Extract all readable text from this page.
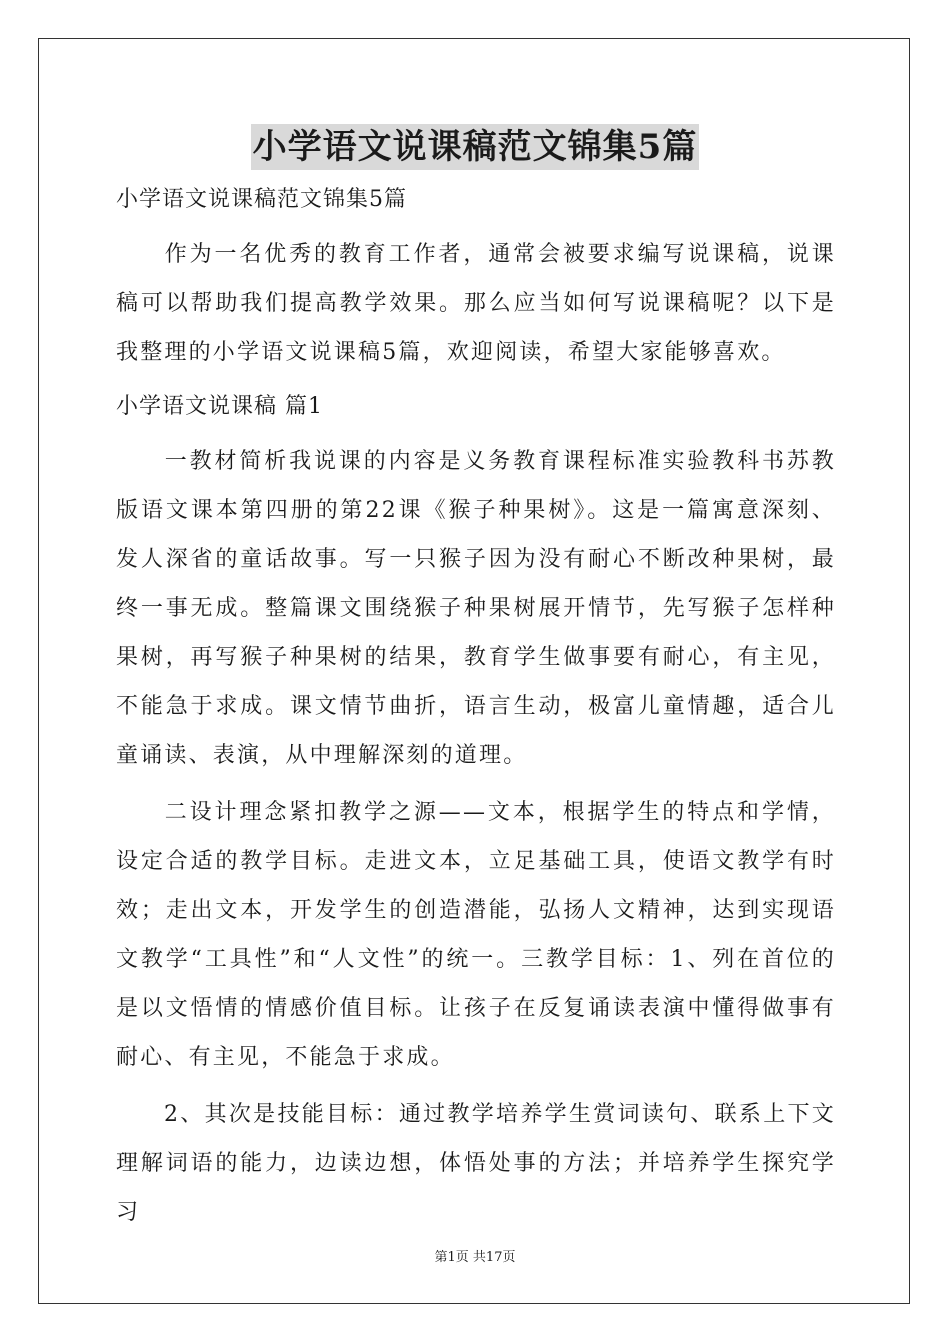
小学语文说课稿范文锦集5篇
小学语文说课稿范文锦集5篇
作为一名优秀的教育工作者，通常会被要求编写说课稿，说课稿可以帮助我们提高教学效果。那么应当如何写说课稿呢？以下是我整理的小学语文说课稿5篇，欢迎阅读，希望大家能够喜欢。
小学语文说课稿 篇1
一教材简析我说课的内容是义务教育课程标准实验教科书苏教版语文课本第四册的第22课《猴子种果树》。这是一篇寓意深刻、发人深省的童话故事。写一只猴子因为没有耐心不断改种果树，最终一事无成。整篇课文围绕猴子种果树展开情节，先写猴子怎样种果树，再写猴子种果树的结果，教育学生做事要有耐心，有主见，不能急于求成。课文情节曲折，语言生动，极富儿童情趣，适合儿童诵读、表演，从中理解深刻的道理。
二设计理念紧扣教学之源——文本，根据学生的特点和学情，设定合适的教学目标。走进文本，立足基础工具，使语文教学有时效；走出文本，开发学生的创造潜能，弘扬人文精神，达到实现语文教学“工具性”和“人文性”的统一。三教学目标：1、列在首位的是以文悟情的情感价值目标。让孩子在反复诵读表演中懂得做事有耐心、有主见，不能急于求成。
2、其次是技能目标：通过教学培养学生赏词读句、联系上下文理解词语的能力，边读边想，体悟处事的方法；并培养学生探究学习
第1页 共17页
